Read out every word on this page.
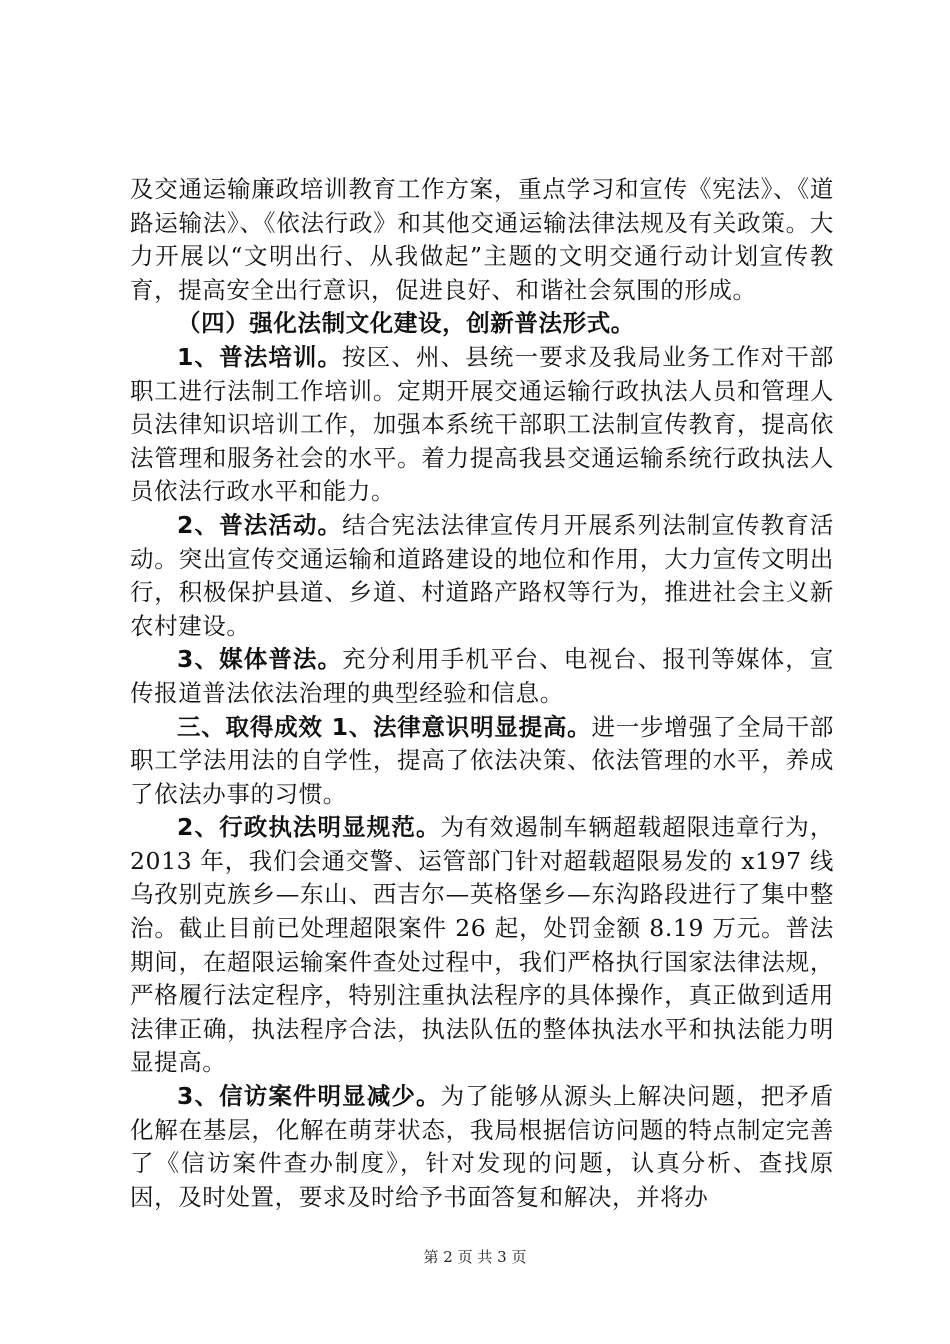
及交通运输廉政培训教育工作方案，重点学习和宣传《宪法》、《道路运输法》、《依法行政》和其他交通运输法律法规及有关政策。大力开展以“文明出行、从我做起”主题的文明交通行动计划宣传教育，提高安全出行意识，促进良好、和谐社会氛围的形成。

（四）强化法制文化建设，创新普法形式。

1、普法培训。按区、州、县统一要求及我局业务工作对干部职工进行法制工作培训。定期开展交通运输行政执法人员和管理人员法律知识培训工作，加强本系统干部职工法制宣传教育，提高依法管理和服务社会的水平。着力提高我县交通运输系统行政执法人员依法行政水平和能力。

2、普法活动。结合宪法法律宣传月开展系列法制宣传教育活动。突出宣传交通运输和道路建设的地位和作用，大力宣传文明出行，积极保护县道、乡道、村道路产路权等行为，推进社会主义新农村建设。

3、媒体普法。充分利用手机平台、电视台、报刊等媒体，宣传报道普法依法治理的典型经验和信息。

三、取得成效 1、法律意识明显提高。进一步增强了全局干部职工学法用法的自学性，提高了依法决策、依法管理的水平，养成了依法办事的习惯。

2、行政执法明显规范。为有效遏制车辆超载超限违章行为，2013 年，我们会通交警、运管部门针对超载超限易发的 x197 线乌孜别克族乡—东山、西吉尔—英格堡乡—东沟路段进行了集中整治。截止目前已处理超限案件 26 起，处罚金额 8.19 万元。普法期间，在超限运输案件查处过程中，我们严格执行国家法律法规，严格履行法定程序，特别注重执法程序的具体操作，真正做到适用法律正确，执法程序合法，执法队伍的整体执法水平和执法能力明显提高。

3、信访案件明显减少。为了能够从源头上解决问题，把矛盾化解在基层，化解在萌芽状态，我局根据信访问题的特点制定完善了《信访案件查办制度》，针对发现的问题，认真分析、查找原因，及时处置，要求及时给予书面答复和解决，并将办

第 2 页 共 3 页
